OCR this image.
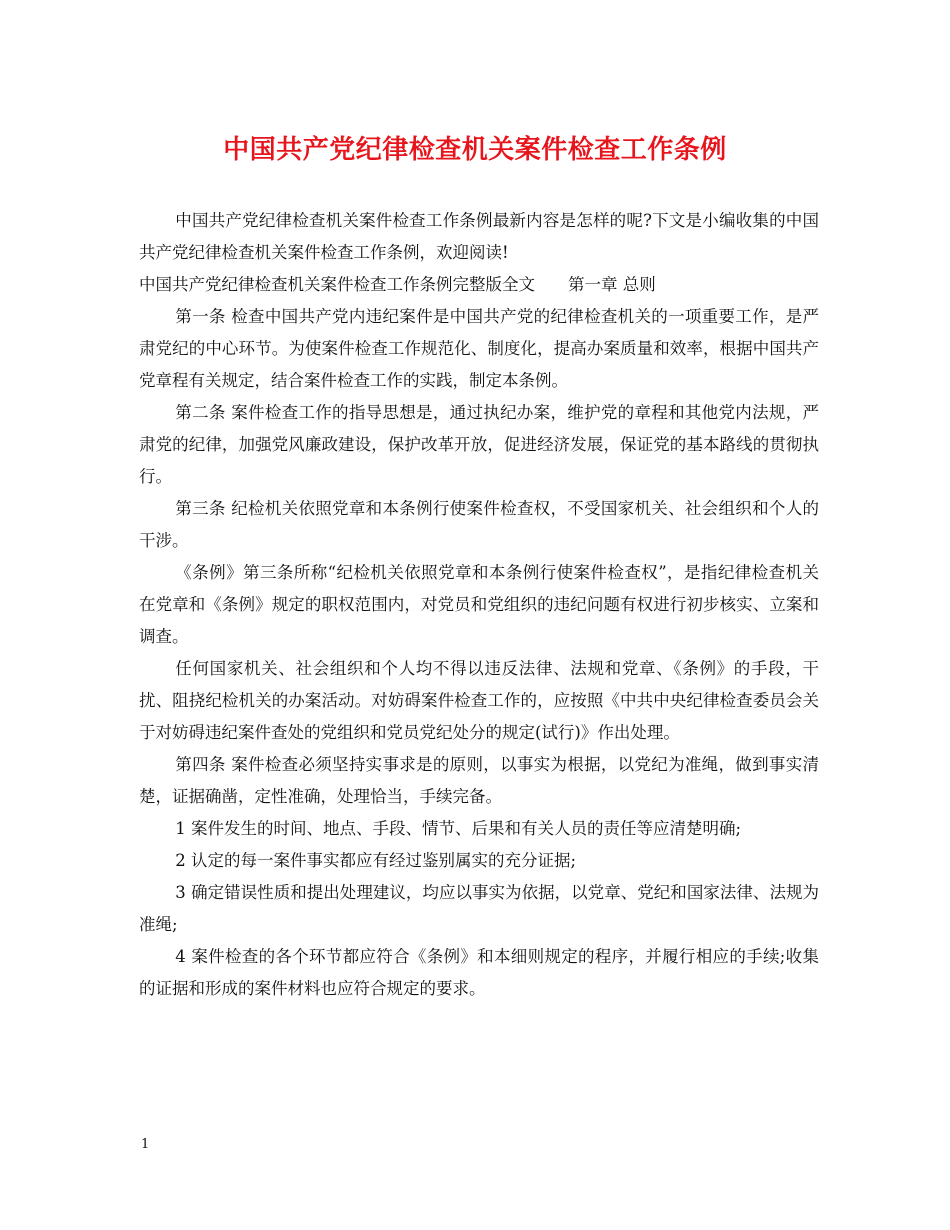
中国共产党纪律检查机关案件检查工作条例

中国共产党纪律检查机关案件检查工作条例最新内容是怎样的呢?下文是小编收集的中国共产党纪律检查机关案件检查工作条例，欢迎阅读!

中国共产党纪律检查机关案件检查工作条例完整版全文 第一章 总则

第一条 检查中国共产党内违纪案件是中国共产党的纪律检查机关的一项重要工作，是严肃党纪的中心环节。为使案件检查工作规范化、制度化，提高办案质量和效率，根据中国共产党章程有关规定，结合案件检查工作的实践，制定本条例。

第二条 案件检查工作的指导思想是，通过执纪办案，维护党的章程和其他党内法规，严肃党的纪律，加强党风廉政建设，保护改革开放，促进经济发展，保证党的基本路线的贯彻执行。

第三条 纪检机关依照党章和本条例行使案件检查权，不受国家机关、社会组织和个人的干涉。

《条例》第三条所称“纪检机关依照党章和本条例行使案件检查权”，是指纪律检查机关在党章和《条例》规定的职权范围内，对党员和党组织的违纪问题有权进行初步核实、立案和调查。

任何国家机关、社会组织和个人均不得以违反法律、法规和党章、《条例》的手段，干扰、阻挠纪检机关的办案活动。对妨碍案件检查工作的，应按照《中共中央纪律检查委员会关于对妨碍违纪案件查处的党组织和党员党纪处分的规定(试行)》作出处理。

第四条 案件检查必须坚持实事求是的原则，以事实为根据，以党纪为准绳，做到事实清楚，证据确凿，定性准确，处理恰当，手续完备。

1 案件发生的时间、地点、手段、情节、后果和有关人员的责任等应清楚明确;

2 认定的每一案件事实都应有经过鉴别属实的充分证据;

3 确定错误性质和提出处理建议，均应以事实为依据，以党章、党纪和国家法律、法规为准绳;

4 案件检查的各个环节都应符合《条例》和本细则规定的程序，并履行相应的手续;收集的证据和形成的案件材料也应符合规定的要求。

1
